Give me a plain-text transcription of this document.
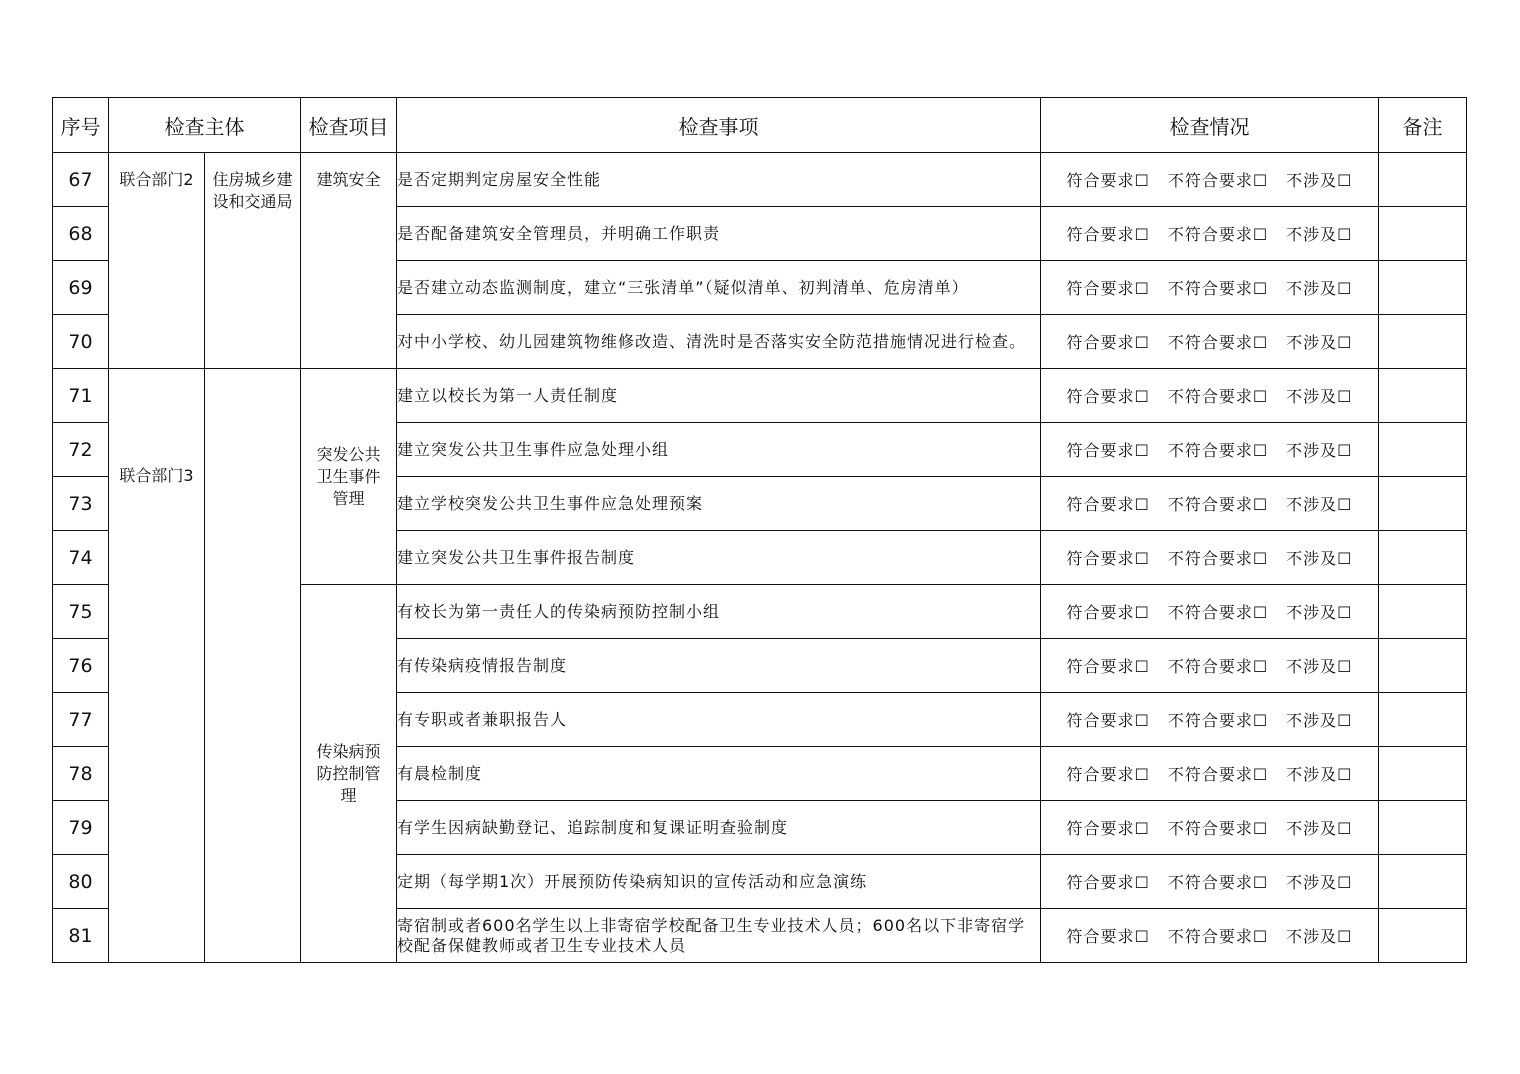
序号	检查主体		检查项目	检查事项	检查情况	备注
67	联合部门2	住房城乡建设和交通局	建筑安全	是否定期判定房屋安全性能	符合要求☐ 不符合要求☐ 不涉及☐	
68				是否配备建筑安全管理员，并明确工作职责	符合要求☐ 不符合要求☐ 不涉及☐	
69				是否建立动态监测制度，建立“三张清单”（疑似清单、初判清单、危房清单）	符合要求☐ 不符合要求☐ 不涉及☐	
70				对中小学校、幼儿园建筑物维修改造、清洗时是否落实安全防范措施情况进行检查。	符合要求☐ 不符合要求☐ 不涉及☐	
71	联合部门3		突发公共卫生事件管理	建立以校长为第一人责任制度	符合要求☐ 不符合要求☐ 不涉及☐	
72				建立突发公共卫生事件应急处理小组	符合要求☐ 不符合要求☐ 不涉及☐	
73				建立学校突发公共卫生事件应急处理预案	符合要求☐ 不符合要求☐ 不涉及☐	
74				建立突发公共卫生事件报告制度	符合要求☐ 不符合要求☐ 不涉及☐	
75			传染病预防控制管理	有校长为第一责任人的传染病预防控制小组	符合要求☐ 不符合要求☐ 不涉及☐	
76				有传染病疫情报告制度	符合要求☐ 不符合要求☐ 不涉及☐	
77				有专职或者兼职报告人	符合要求☐ 不符合要求☐ 不涉及☐	
78				有晨检制度	符合要求☐ 不符合要求☐ 不涉及☐	
79				有学生因病缺勤登记、追踪制度和复课证明查验制度	符合要求☐ 不符合要求☐ 不涉及☐	
80				定期（每学期1次）开展预防传染病知识的宣传活动和应急演练	符合要求☐ 不符合要求☐ 不涉及☐	
81				寄宿制或者600名学生以上非寄宿学校配备卫生专业技术人员；600名以下非寄宿学校配备保健教师或者卫生专业技术人员	符合要求☐ 不符合要求☐ 不涉及☐	
